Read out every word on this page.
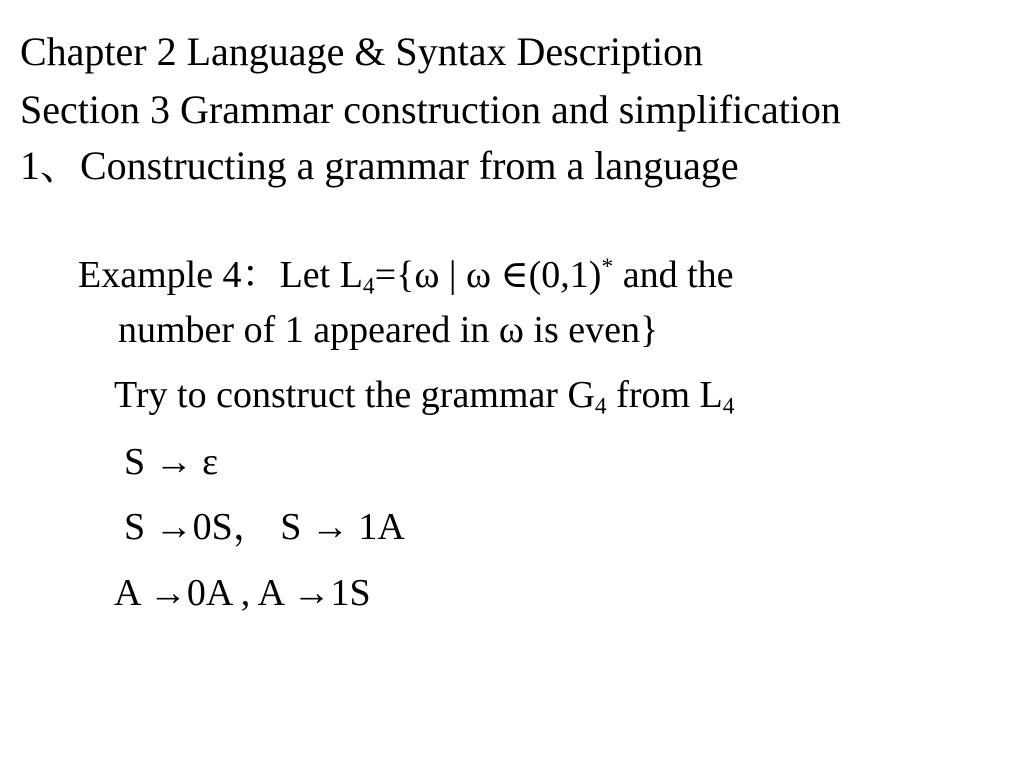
Chapter 2 Language & Syntax Description
Section 3 Grammar construction and simplification
1、Constructing a grammar from a language
Example 4：Let $L_4=\{\omega$ | ω ∈(0,1)* and the
number of 1 appeared in ω is even}
Try to construct the grammar $G_4$ from $L_4$
S → ε
S →0S， S → 1A
A →0A , A →1S
